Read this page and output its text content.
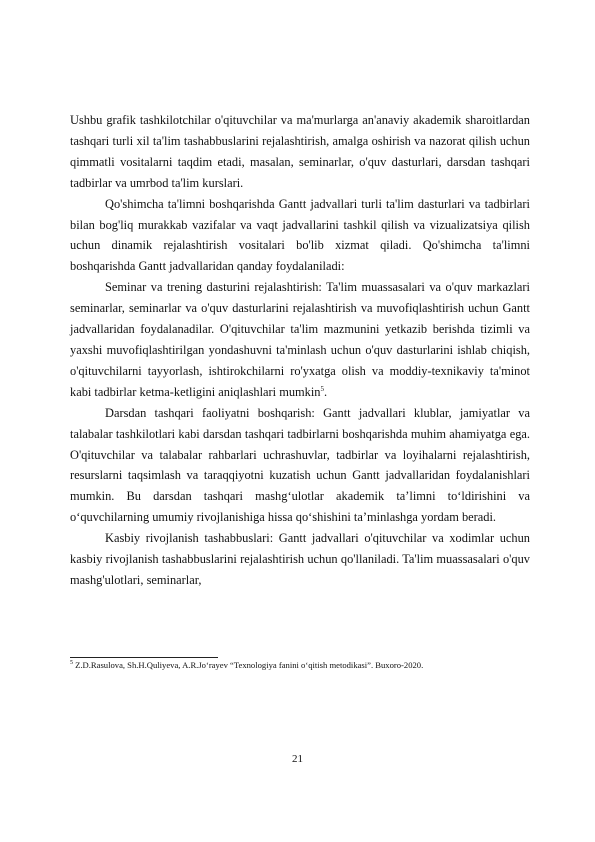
Ushbu grafik tashkilotchilar o'qituvchilar va ma'murlarga an'anaviy akademik sharoitlardan tashqari turli xil ta'lim tashabbuslarini rejalashtirish, amalga oshirish va nazorat qilish uchun qimmatli vositalarni taqdim etadi, masalan, seminarlar, o'quv dasturlari, darsdan tashqari tadbirlar va umrbod ta'lim kurslari.

Qo'shimcha ta'limni boshqarishda Gantt jadvallari turli ta'lim dasturlari va tadbirlari bilan bog'liq murakkab vazifalar va vaqt jadvallarini tashkil qilish va vizualizatsiya qilish uchun dinamik rejalashtirish vositalari bo'lib xizmat qiladi. Qo'shimcha ta'limni boshqarishda Gantt jadvallaridan qanday foydalaniladi:

Seminar va trening dasturini rejalashtirish: Ta'lim muassasalari va o'quv markazlari seminarlar, seminarlar va o'quv dasturlarini rejalashtirish va muvofiqlashtirish uchun Gantt jadvallaridan foydalanadilar. O'qituvchilar ta'lim mazmunini yetkazib berishda tizimli va yaxshi muvofiqlashtirilgan yondashuvni ta'minlash uchun o'quv dasturlarini ishlab chiqish, o'qituvchilarni tayyorlash, ishtirokchilarni ro'yxatga olish va moddiy-texnikaviy ta'minot kabi tadbirlar ketma-ketligini aniqlashlari mumkin$^5$.

Darsdan tashqari faoliyatni boshqarish: Gantt jadvallari klublar, jamiyatlar va talabalar tashkilotlari kabi darsdan tashqari tadbirlarni boshqarishda muhim ahamiyatga ega. O'qituvchilar va talabalar rahbarlari uchrashuvlar, tadbirlar va loyihalarni rejalashtirish, resurslarni taqsimlash va taraqqiyotni kuzatish uchun Gantt jadvallaridan foydalanishlari mumkin. Bu darsdan tashqari mashg‘ulotlar akademik ta’limni to‘ldirishini va o‘quvchilarning umumiy rivojlanishiga hissa qo‘shishini ta’minlashga yordam beradi.

Kasbiy rivojlanish tashabbuslari: Gantt jadvallari o'qituvchilar va xodimlar uchun kasbiy rivojlanish tashabbuslarini rejalashtirish uchun qo'llaniladi. Ta'lim muassasalari o'quv mashg'ulotlari, seminarlar,

$^5$ Z.D.Rasulova, Sh.H.Quliyeva, A.R.Jo‘rayev “Texnologiya fanini o‘qitish metodikasi”. Buxoro-2020.
21
